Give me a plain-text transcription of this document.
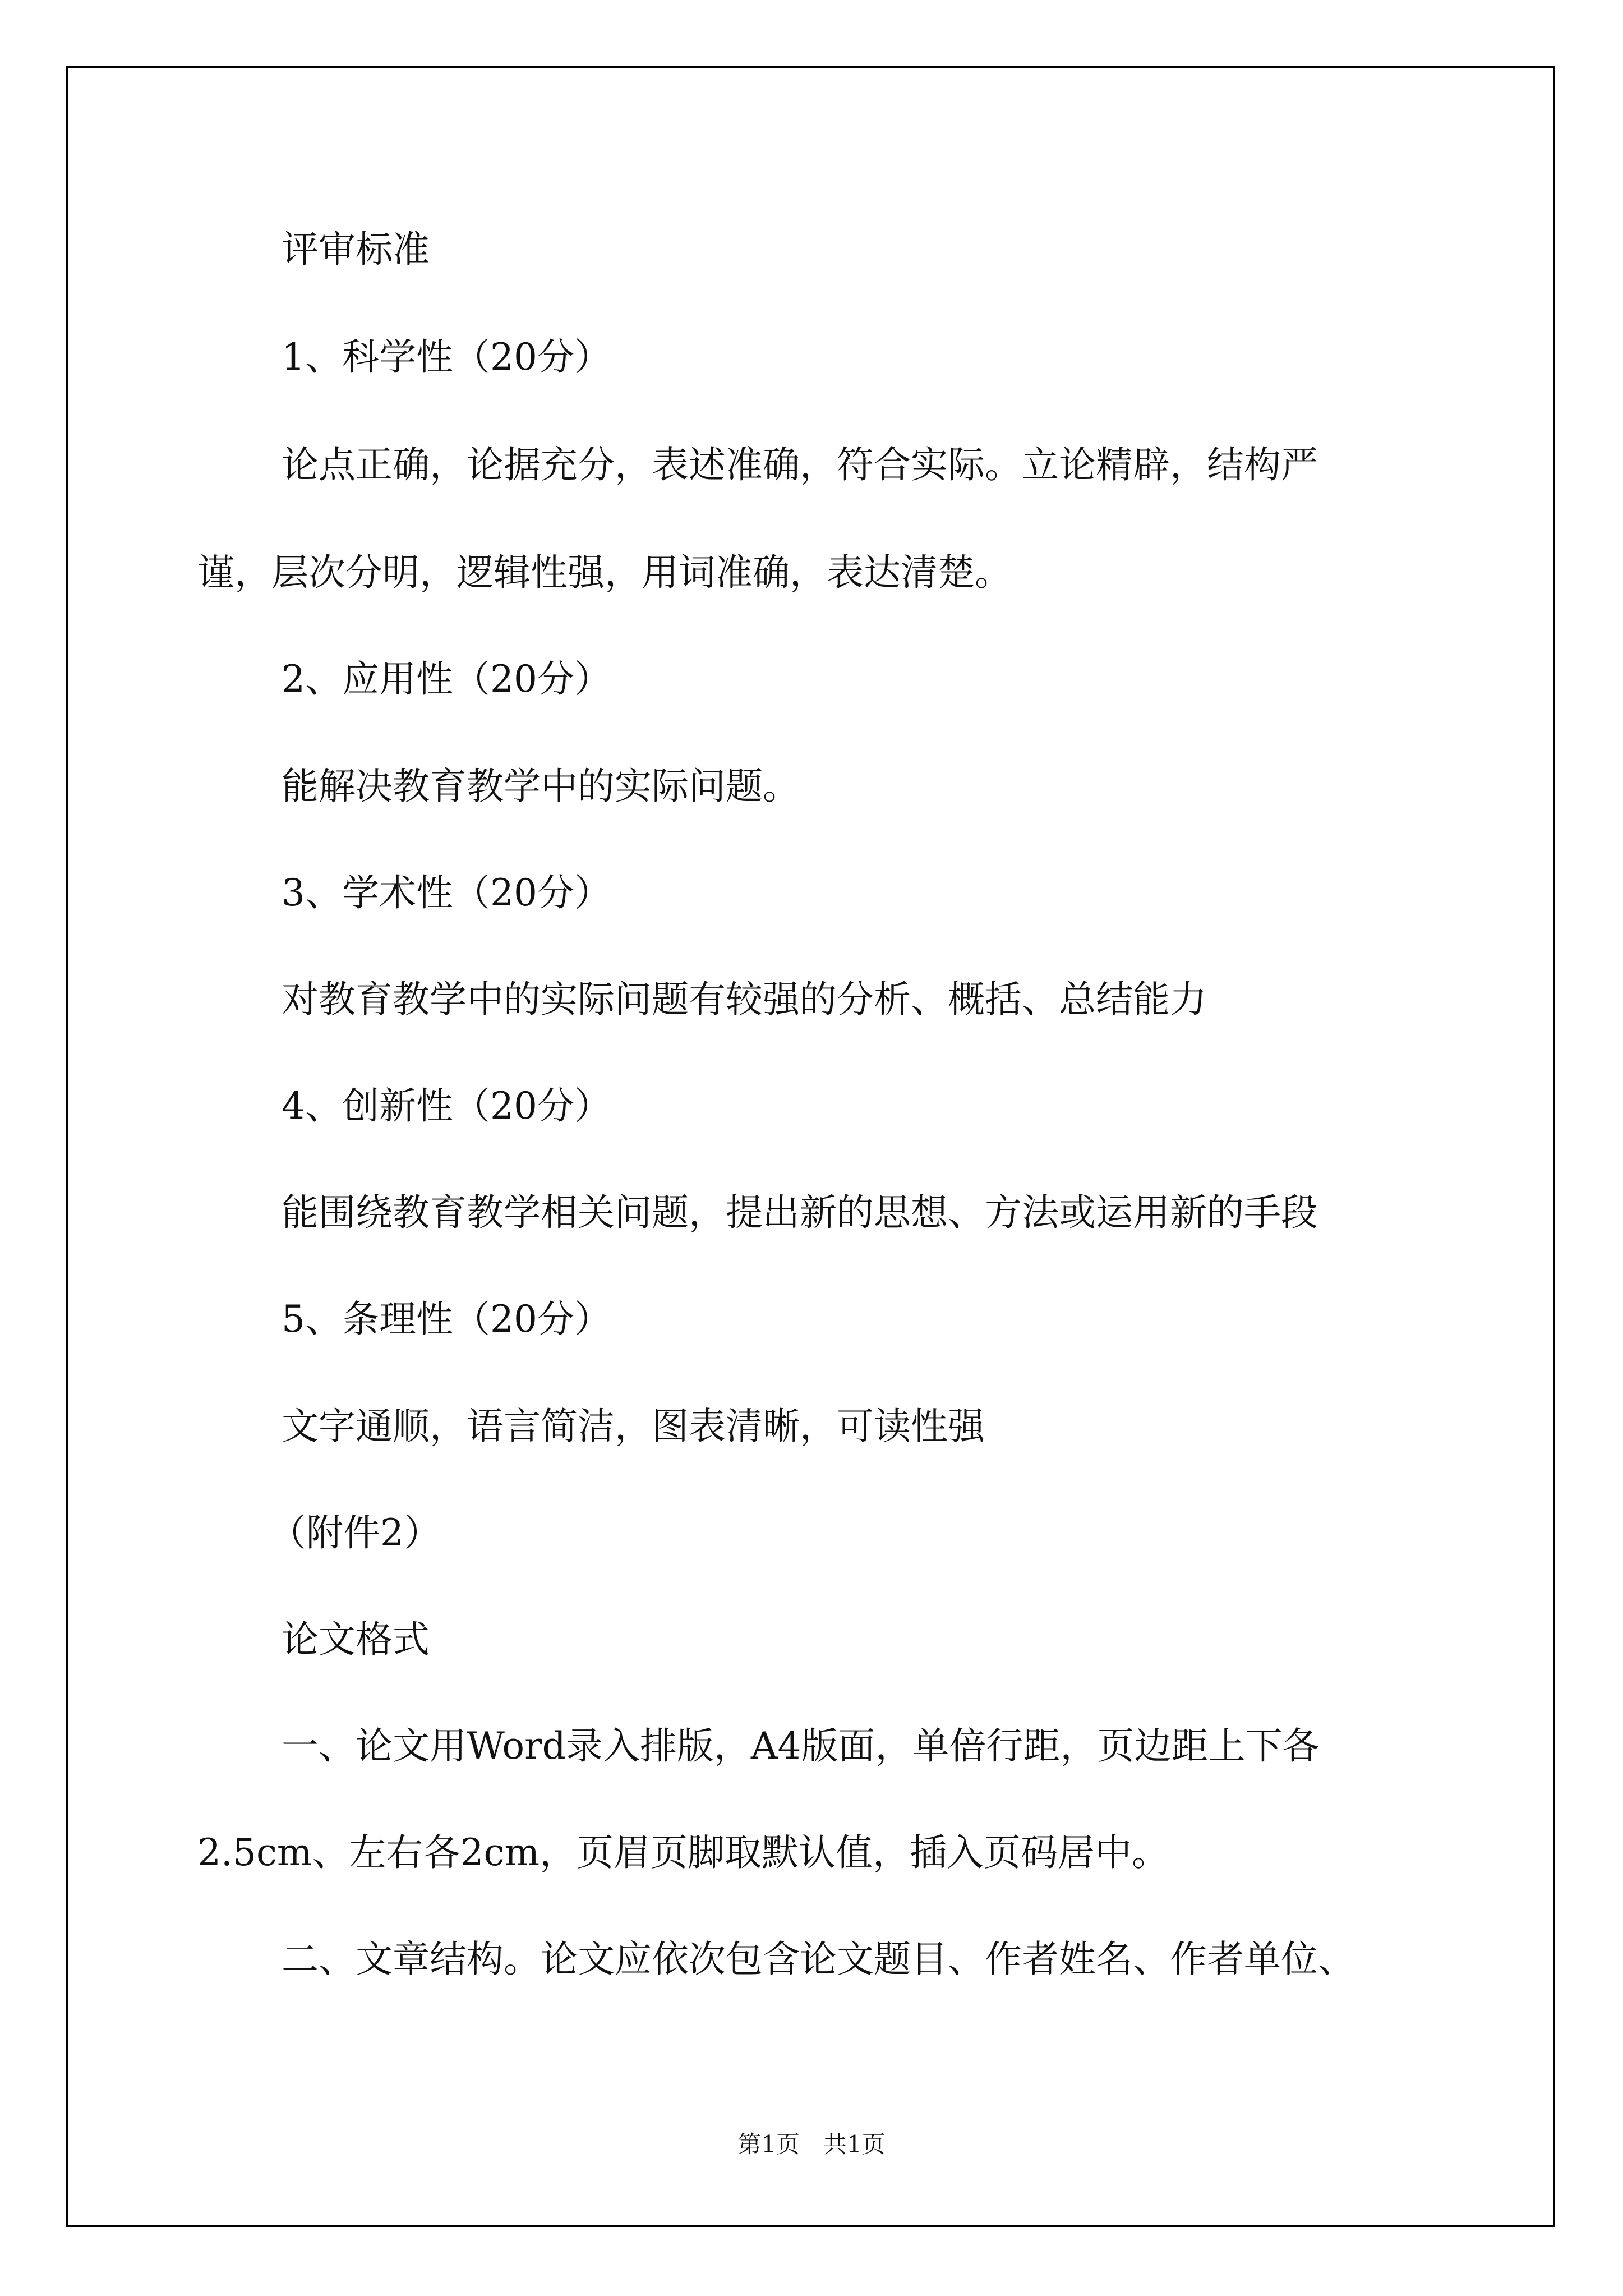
评审标准

1、科学性（20分）

论点正确，论据充分，表述准确，符合实际。立论精辟，结构严

谨，层次分明，逻辑性强，用词准确，表达清楚。

2、应用性（20分）

能解决教育教学中的实际问题。

3、学术性（20分）

对教育教学中的实际问题有较强的分析、概括、总结能力

4、创新性（20分）

能围绕教育教学相关问题，提出新的思想、方法或运用新的手段

5、条理性（20分）

文字通顺，语言简洁，图表清晰，可读性强

（附件2）

论文格式

一、论文用Word录入排版，A4版面，单倍行距，页边距上下各

2.5cm、左右各2cm，页眉页脚取默认值，插入页码居中。

二、文章结构。论文应依次包含论文题目、作者姓名、作者单位、

第1页　共1页
